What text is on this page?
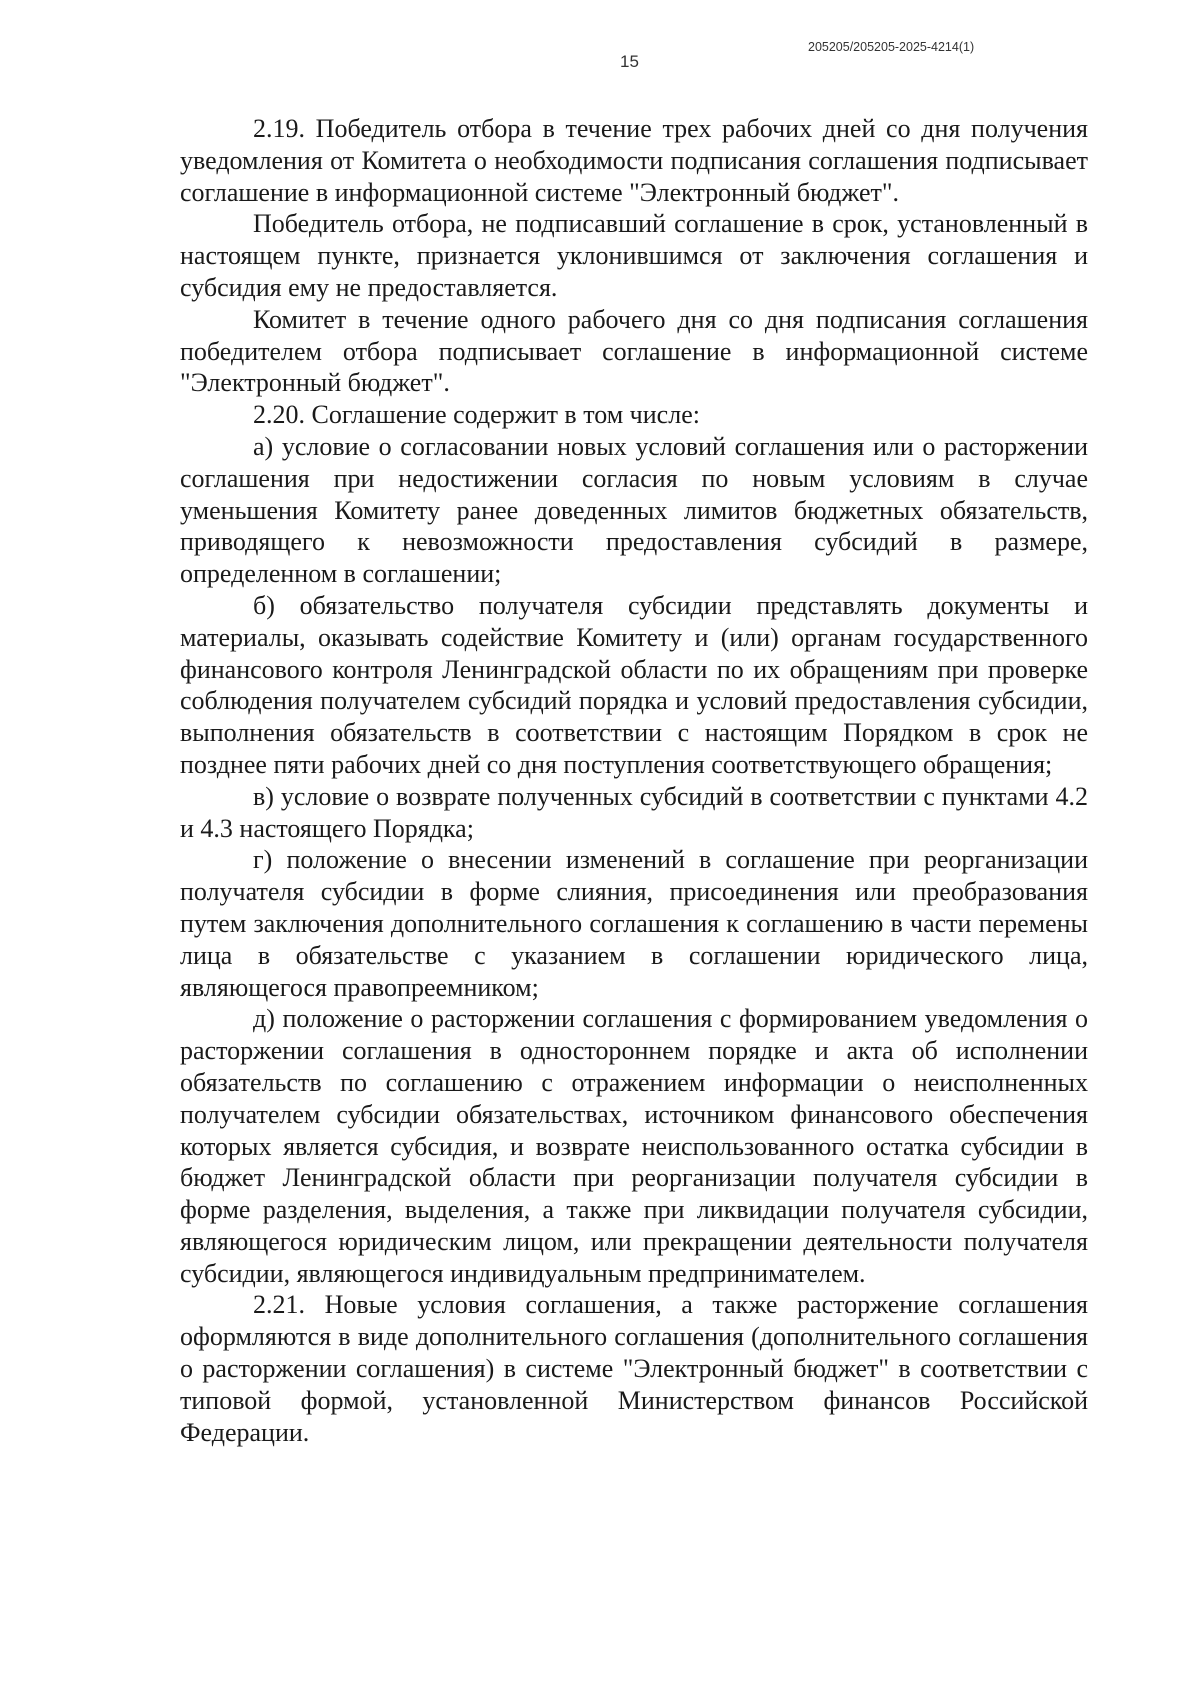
15
205205/205205-2025-4214(1)

2.19. Победитель отбора в течение трех рабочих дней со дня получения уведомления от Комитета о необходимости подписания соглашения подписывает соглашение в информационной системе "Электронный бюджет".

Победитель отбора, не подписавший соглашение в срок, установленный в настоящем пункте, признается уклонившимся от заключения соглашения и субсидия ему не предоставляется.

Комитет в течение одного рабочего дня со дня подписания соглашения победителем отбора подписывает соглашение в информационной системе "Электронный бюджет".

2.20. Соглашение содержит в том числе:

а) условие о согласовании новых условий соглашения или о расторжении соглашения при недостижении согласия по новым условиям в случае уменьшения Комитету ранее доведенных лимитов бюджетных обязательств, приводящего к невозможности предоставления субсидий в размере, определенном в соглашении;

б) обязательство получателя субсидии представлять документы и материалы, оказывать содействие Комитету и (или) органам государственного финансового контроля Ленинградской области по их обращениям при проверке соблюдения получателем субсидий порядка и условий предоставления субсидии, выполнения обязательств в соответствии с настоящим Порядком в срок не позднее пяти рабочих дней со дня поступления соответствующего обращения;

в) условие о возврате полученных субсидий в соответствии с пунктами 4.2 и 4.3 настоящего Порядка;

г) положение о внесении изменений в соглашение при реорганизации получателя субсидии в форме слияния, присоединения или преобразования путем заключения дополнительного соглашения к соглашению в части перемены лица в обязательстве с указанием в соглашении юридического лица, являющегося правопреемником;

д) положение о расторжении соглашения с формированием уведомления о расторжении соглашения в одностороннем порядке и акта об исполнении обязательств по соглашению с отражением информации о неисполненных получателем субсидии обязательствах, источником финансового обеспечения которых является субсидия, и возврате неиспользованного остатка субсидии в бюджет Ленинградской области при реорганизации получателя субсидии в форме разделения, выделения, а также при ликвидации получателя субсидии, являющегося юридическим лицом, или прекращении деятельности получателя субсидии, являющегося индивидуальным предпринимателем.

2.21. Новые условия соглашения, а также расторжение соглашения оформляются в виде дополнительного соглашения (дополнительного соглашения о расторжении соглашения) в системе "Электронный бюджет" в соответствии с типовой формой, установленной Министерством финансов Российской Федерации.
